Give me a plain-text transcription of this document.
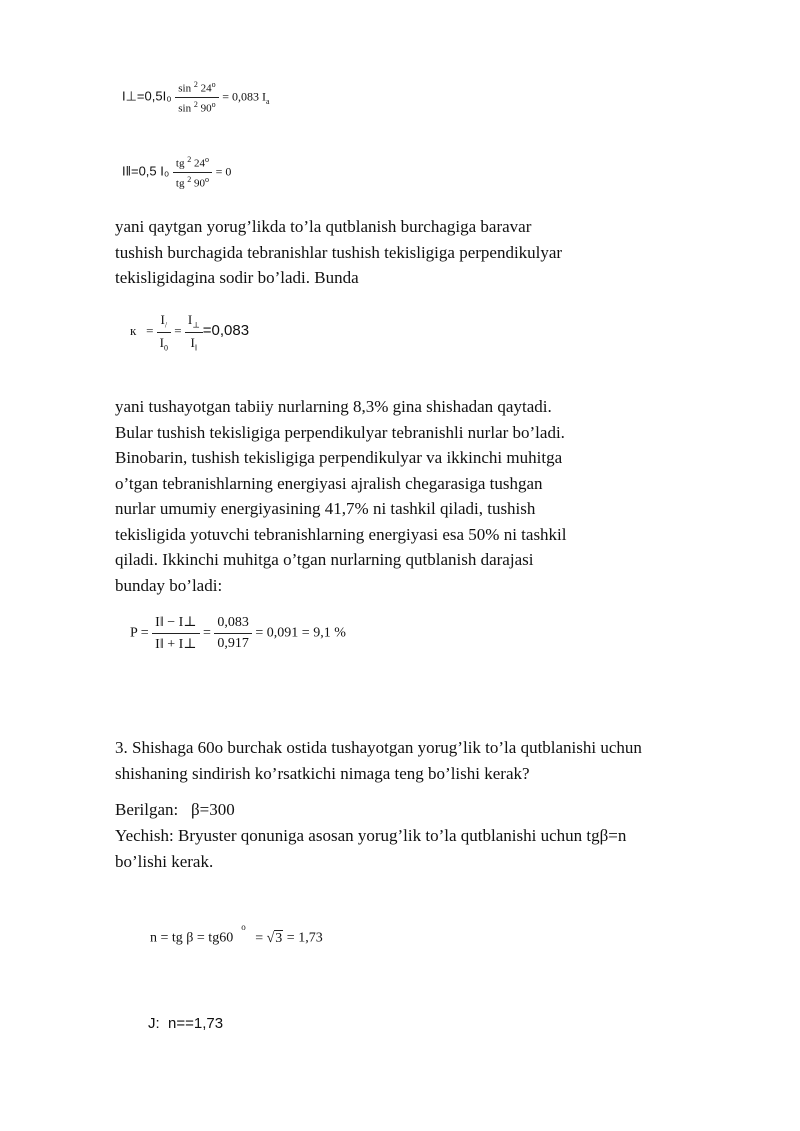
I⊥=0,5I₀ $\frac{\sin ^2 24^o}{\sin ^2 90^o} = 0,083$ $I_a$
I‖=0,5 $I_0 \frac{tg ^2 24^o}{tg ^2 90^o} = 0$
yani qaytgan yorug’likda to’la qutblanish burchagiga baravar
tushish burchagida tebranishlar tushish tekisligiga perpendikulyar
tekisligidagina sodir bo’ladi. Bunda
$к = \frac{I_/}{I_0} = \frac{I_\perp}{I_‖} =0,083$
yani tushayotgan tabiiy nurlarning 8,3% gina shishadan qaytadi.
Bular tushish tekisligiga perpendikulyar tebranishli nurlar bo’ladi.
Binobarin, tushish tekisligiga perpendikulyar va ikkinchi muhitga
o’tgan tebranishlarning energiyasi ajralish chegarasiga tushgan
nurlar umumiy energiyasining 41,7% ni tashkil qiladi, tushish
tekisligida yotuvchi tebranishlarning energiyasi esa 50% ni tashkil
qiladi. Ikkinchi muhitga o’tgan nurlarning qutblanish darajasi
bunday bo’ladi:
$P = \frac{I‖ - I\perp}{I‖ + I\perp} = \frac{0,083}{0,917} = 0,091 = 9,1$ %
3. Shishaga 60o burchak ostida tushayotgan yorug’lik to’la qutblanishi uchun
shishaning sindirish ko’rsatkichi nimaga teng bo’lishi kerak?
Berilgan:   β=300
Yechish: Bryuster qonuniga asosan yorug’lik to’la qutblanishi uchun tgβ=n
bo’lishi kerak.
n = tg $\beta = tg60^o = √3 = 1,73$
J:  n==1,73
